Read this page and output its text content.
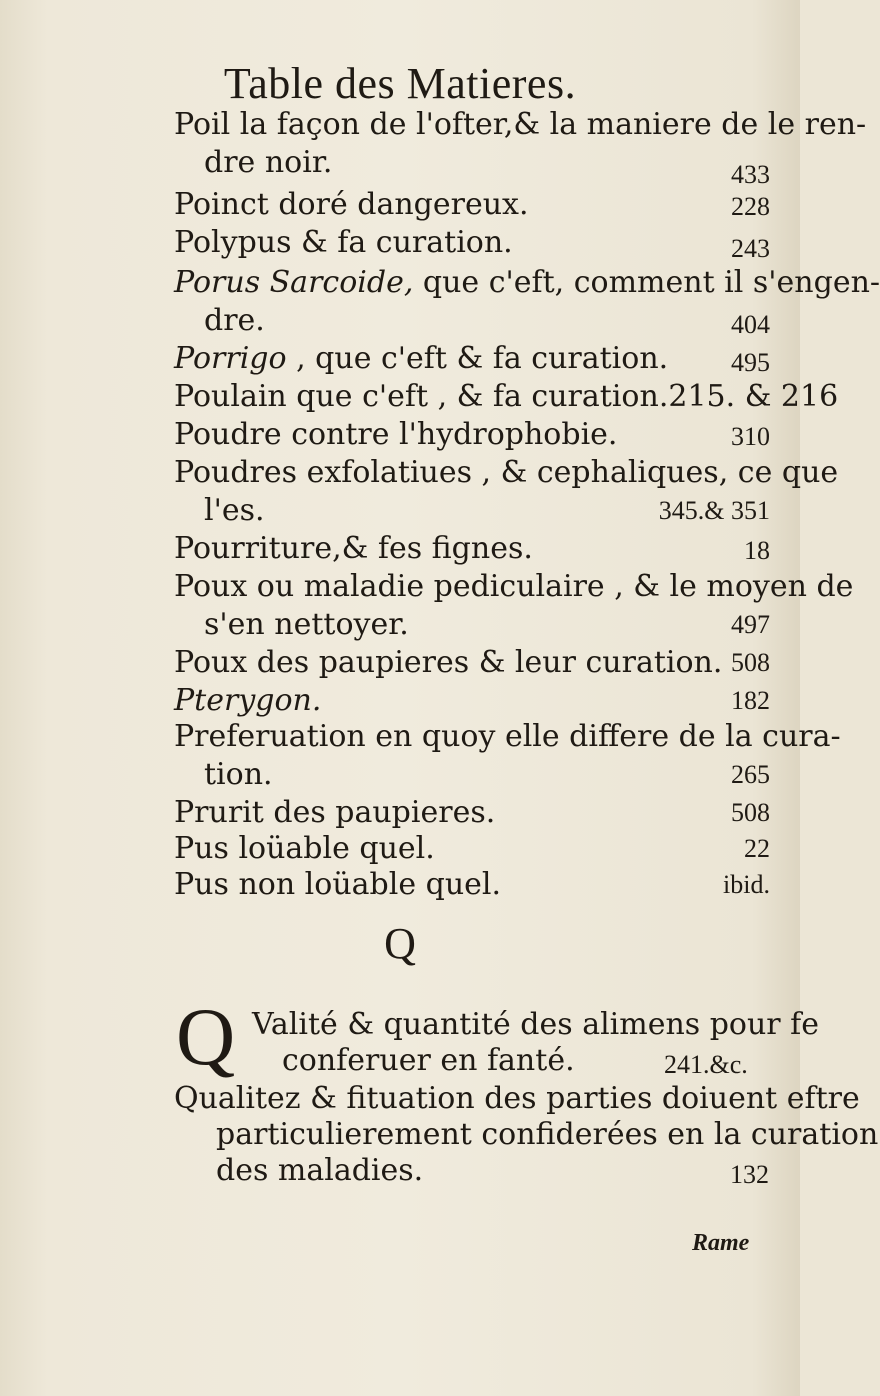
Table des Matieres.
Poil la façon de l'ofter,& la maniere de le ren-
dre noir.	433
Poinct doré dangereux.	228
Polypus & fa curation.	243
Porus Sarcoide, que c'eft, comment il s'engen-
dre.	404
Porrigo , que c'eft & fa curation. 495
Poulain que c'eft , & fa curation.215. & 216
Poudre contre l'hydrophobie.	310
Poudres exfolatiues , & cephaliques, ce que
l'es.	345.& 351
Pourriture,& fes fignes.	18
Poux ou maladie pediculaire , & le moyen de
s'en nettoyer.	497
Poux des paupieres & leur curation. 508
Pterygon.	182
Preferuation en quoy elle differe de la cura-
tion.	265
Prurit des paupieres.	508
Pus loüable quel.	22
Pus non loüable quel.	ibid.
Q
Q Valité & quantité des alimens pour fe
conferuer en fanté.	241.&c.
Qualitez & fituation des parties doiuent eftre
particulierement confiderées en la curation
des maladies.	132
Rame
